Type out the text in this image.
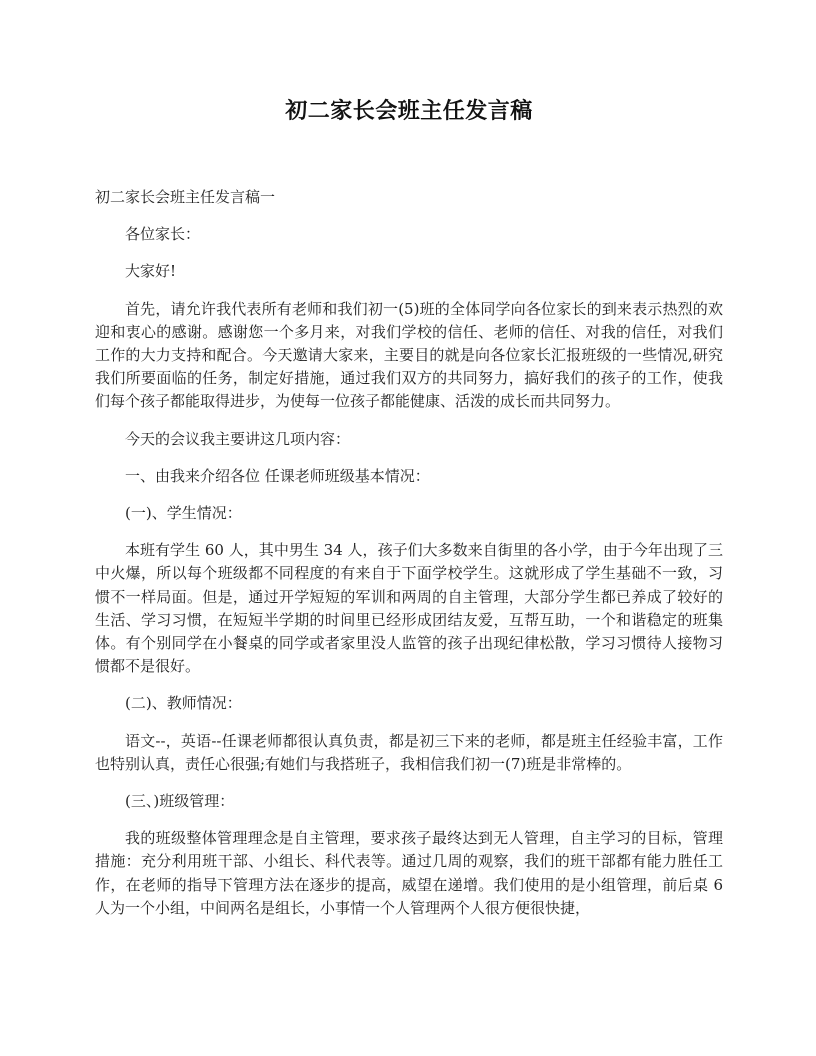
初二家长会班主任发言稿

初二家长会班主任发言稿一

各位家长：

大家好!

首先，请允许我代表所有老师和我们初一(5)班的全体同学向各位家长的到来表示热烈的欢迎和衷心的感谢。感谢您一个多月来，对我们学校的信任、老师的信任、对我的信任，对我们工作的大力支持和配合。今天邀请大家来，主要目的就是向各位家长汇报班级的一些情况,研究我们所要面临的任务，制定好措施，通过我们双方的共同努力，搞好我们的孩子的工作，使我们每个孩子都能取得进步，为使每一位孩子都能健康、活泼的成长而共同努力。

今天的会议我主要讲这几项内容：

一、由我来介绍各位 任课老师班级基本情况：

(一)、学生情况：

本班有学生 60 人，其中男生 34 人，孩子们大多数来自街里的各小学，由于今年出现了三中火爆，所以每个班级都不同程度的有来自于下面学校学生。这就形成了学生基础不一致，习惯不一样局面。但是，通过开学短短的军训和两周的自主管理，大部分学生都已养成了较好的生活、学习习惯，在短短半学期的时间里已经形成团结友爱，互帮互助，一个和谐稳定的班集体。有个别同学在小餐桌的同学或者家里没人监管的孩子出现纪律松散，学习习惯待人接物习惯都不是很好。

(二)、教师情况：

语文--，英语--任课老师都很认真负责，都是初三下来的老师，都是班主任经验丰富，工作也特别认真，责任心很强;有她们与我搭班子，我相信我们初一(7)班是非常棒的。

(三、)班级管理：

我的班级整体管理理念是自主管理，要求孩子最终达到无人管理，自主学习的目标，管理措施：充分利用班干部、小组长、科代表等。通过几周的观察，我们的班干部都有能力胜任工作，在老师的指导下管理方法在逐步的提高，威望在递增。我们使用的是小组管理，前后桌 6 人为一个小组，中间两名是组长，小事情一个人管理两个人很方便很快捷，
